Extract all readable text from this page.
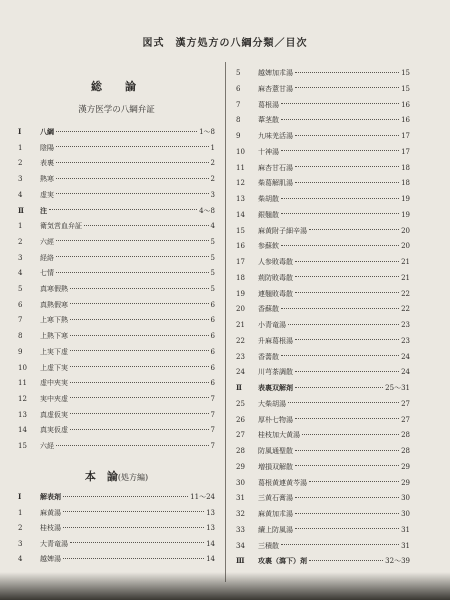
図式　漢方処方の八綱分類／目次
総　論
漢方医学の八綱弁証
Ⅰ	八綱	1〜8
1	陰陽	1
2	表裏	2
3	熱寒	2
4	虚実	3
Ⅱ	注	4〜8
1	衛気営血弁証	4
2	六經	5
3	経絡	5
4	七情	5
5	真寒假熱	5
6	真熱假寒	6
7	上寒下熱	6
8	上熱下寒	6
9	上実下虚	6
10	上虚下実	6
11	虚中夾実	6
12	実中夾虚	7
13	真虚仮実	7
14	真実仮虚	7
15	六経	7
本　論(処方編)
Ⅰ	解表剤	11〜24
1	麻黄湯	13
2	桂枝湯	13
3	大青竜湯	14
4	越婢湯	14
5	越婢加朮湯	15
6	麻杏薏甘湯	15
7	葛根湯	16
8	葦茎散	16
9	九味羌活湯	17
10	十神湯	17
11	麻杏甘石湯	18
12	柴葛解肌湯	18
13	柴胡散	19
14	銀翹散	19
15	麻黄附子細辛湯	20
16	参蘇飲	20
17	人参敗毒散	21
18	荊防敗毒散	21
19	連翹敗毒散	22
20	香蘇散	22
21	小青竜湯	23
22	升麻葛根湯	23
23	香薷散	24
24	川芎茶調散	24
Ⅱ	表裏双解剤	25〜31
25	大柴胡湯	27
26	厚朴七物湯	27
27	桂枝加大黄湯	28
28	防風通聖散	28
29	増損双解散	29
30	葛根黄連黄芩湯	29
31	三黄石膏湯	30
32	麻黄加朮湯	30
33	續上防風湯	31
34	三積散	31
Ⅲ	攻裏（瀉下）剤	32〜39
